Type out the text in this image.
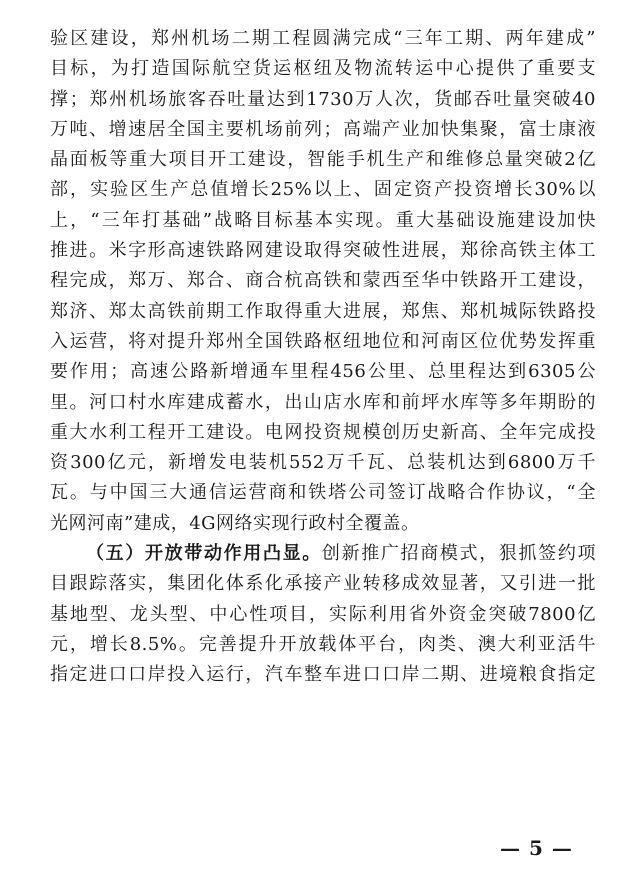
验区建设，郑州机场二期工程圆满完成“三年工期、两年建成”
目标，为打造国际航空货运枢纽及物流转运中心提供了重要支
撑；郑州机场旅客吞吐量达到1730万人次，货邮吞吐量突破40
万吨、增速居全国主要机场前列；高端产业加快集聚，富士康液
晶面板等重大项目开工建设，智能手机生产和维修总量突破2亿
部，实验区生产总值增长25%以上、固定资产投资增长30%以
上，“三年打基础”战略目标基本实现。重大基础设施建设加快
推进。米字形高速铁路网建设取得突破性进展，郑徐高铁主体工
程完成，郑万、郑合、商合杭高铁和蒙西至华中铁路开工建设，
郑济、郑太高铁前期工作取得重大进展，郑焦、郑机城际铁路投
入运营，将对提升郑州全国铁路枢纽地位和河南区位优势发挥重
要作用；高速公路新增通车里程456公里、总里程达到6305公
里。河口村水库建成蓄水，出山店水库和前坪水库等多年期盼的
重大水利工程开工建设。电网投资规模创历史新高、全年完成投
资300亿元，新增发电装机552万千瓦、总装机达到6800万千
瓦。与中国三大通信运营商和铁塔公司签订战略合作协议，“全
光网河南”建成，4G网络实现行政村全覆盖。
（五）开放带动作用凸显。创新推广招商模式，狠抓签约项
目跟踪落实，集团化体系化承接产业转移成效显著，又引进一批
基地型、龙头型、中心性项目，实际利用省外资金突破7800亿
元，增长8.5%。完善提升开放载体平台，肉类、澳大利亚活牛
指定进口口岸投入运行，汽车整车进口口岸二期、进境粮食指定
— 5 —
